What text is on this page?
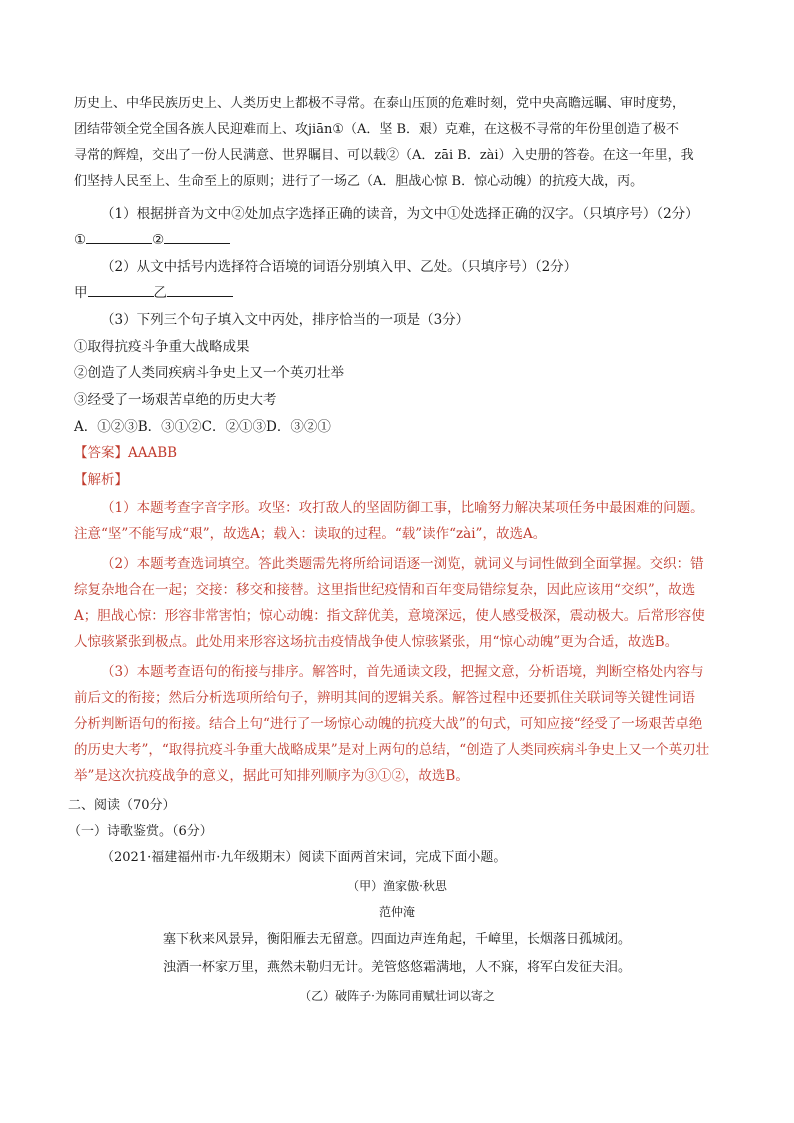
历史上、中华民族历史上、人类历史上都极不寻常。在泰山压顶的危难时刻，党中央高瞻远瞩、审时度势，
团结带领全党全国各族人民迎难而上、攻jiān①（A．坚 B．艰）克难，在这极不寻常的年份里创造了极不
寻常的辉煌，交出了一份人民满意、世界瞩目、可以载②（A．zāi B．zài）入史册的答卷。在这一年里，我
们坚持人民至上、生命至上的原则；进行了一场乙（A．胆战心惊 B．惊心动魄）的抗疫大战，丙。
（1）根据拼音为文中②处加点字选择正确的读音，为文中①处选择正确的汉字。（只填序号）（2分）
①	②
（2）从文中括号内选择符合语境的词语分别填入甲、乙处。（只填序号）（2分）
甲	乙
（3）下列三个句子填入文中丙处，排序恰当的一项是（3分）
①取得抗疫斗争重大战略成果
②创造了人类同疾病斗争史上又一个英刃壮举
③经受了一场艰苦卓绝的历史大考
A．①②③B．③①②C．②①③D．③②①
【答案】AAABB
【解析】
（1）本题考查字音字形。攻坚：攻打敌人的坚固防御工事，比喻努力解决某项任务中最困难的问题。
注意“坚”不能写成“艰”，故选A；载入：读取的过程。“载”读作“zài”，故选A。
（2）本题考查选词填空。答此类题需先将所给词语逐一浏览，就词义与词性做到全面掌握。交织：错
综复杂地合在一起；交接：移交和接替。这里指世纪疫情和百年变局错综复杂，因此应该用“交织”，故选
A；胆战心惊：形容非常害怕；惊心动魄：指文辞优美，意境深远，使人感受极深，震动极大。后常形容使
人惊骇紧张到极点。此处用来形容这场抗击疫情战争使人惊骇紧张，用“惊心动魄”更为合适，故选B。
（3）本题考查语句的衔接与排序。解答时，首先通读文段，把握文意，分析语境，判断空格处内容与
前后文的衔接；然后分析选项所给句子，辨明其间的逻辑关系。解答过程中还要抓住关联词等关键性词语
分析判断语句的衔接。结合上句“进行了一场惊心动魄的抗疫大战”的句式，可知应接“经受了一场艰苦卓绝
的历史大考”，“取得抗疫斗争重大战略成果”是对上两句的总结，“创造了人类同疾病斗争史上又一个英刃壮
举”是这次抗疫战争的意义，据此可知排列顺序为③①②，故选B。
二、阅读（70分）
（一）诗歌鉴赏。（6分）
（2021·福建福州市·九年级期末）阅读下面两首宋词，完成下面小题。
（甲）渔家傲·秋思
范仲淹
塞下秋来风景异，衡阳雁去无留意。四面边声连角起，千嶂里，长烟落日孤城闭。
浊酒一杯家万里，燕然未勒归无计。羌管悠悠霜满地，人不寐，将军白发征夫泪。
（乙）破阵子·为陈同甫赋壮词以寄之
